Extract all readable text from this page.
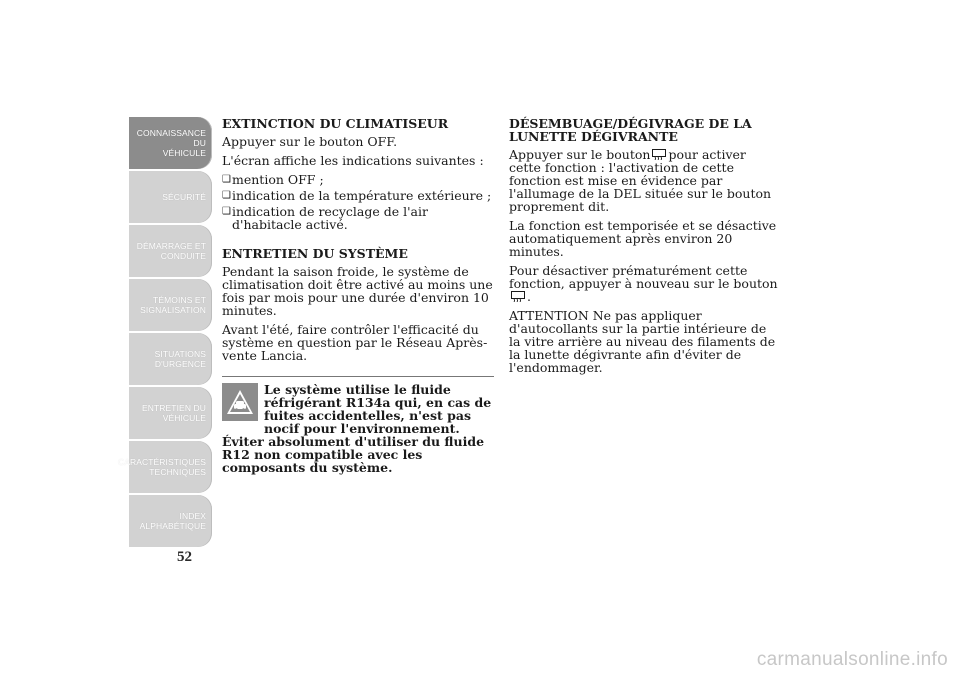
CONNAISSANCE DU
VÉHICULE
SÉCURITÉ
DÉMARRAGE ET
CONDUITE
TÉMOINS ET
SIGNALISATION
SITUATIONS
D'URGENCE
ENTRETIEN DU
VÉHICULE
CARACTÉRISTIQUES
TECHNIQUES
INDEX
ALPHABÉTIQUE
52
EXTINCTION DU CLIMATISEUR

Appuyer sur le bouton OFF.

L'écran affiche les indications suivantes :

❑ mention OFF ;
❑ indication de la température extérieure ;
❑ indication de recyclage de l'air d'habitacle activé.
ENTRETIEN DU SYSTÈME

Pendant la saison froide, le système de climatisation doit être activé au moins une fois par mois pour une durée d'environ 10 minutes.

Avant l'été, faire contrôler l'efficacité du système en question par le Réseau Après-vente Lancia.

Le système utilise le fluide réfrigérant R134a qui, en cas de fuites accidentelles, n'est pas nocif pour l'environnement. Éviter absolument d'utiliser du fluide R12 non compatible avec les composants du système.
DÉSEMBUAGE/DÉGIVRAGE DE LA LUNETTE DÉGIVRANTE

Appuyer sur le bouton pour activer cette fonction : l'activation de cette fonction est mise en évidence par l'allumage de la DEL située sur le bouton proprement dit.

La fonction est temporisée et se désactive automatiquement après environ 20 minutes.

Pour désactiver prématurément cette fonction, appuyer à nouveau sur le bouton.

ATTENTION Ne pas appliquer d'autocollants sur la partie intérieure de la vitre arrière au niveau des filaments de la lunette dégivrante afin d'éviter de l'endommager.

carmanualsonline.info
